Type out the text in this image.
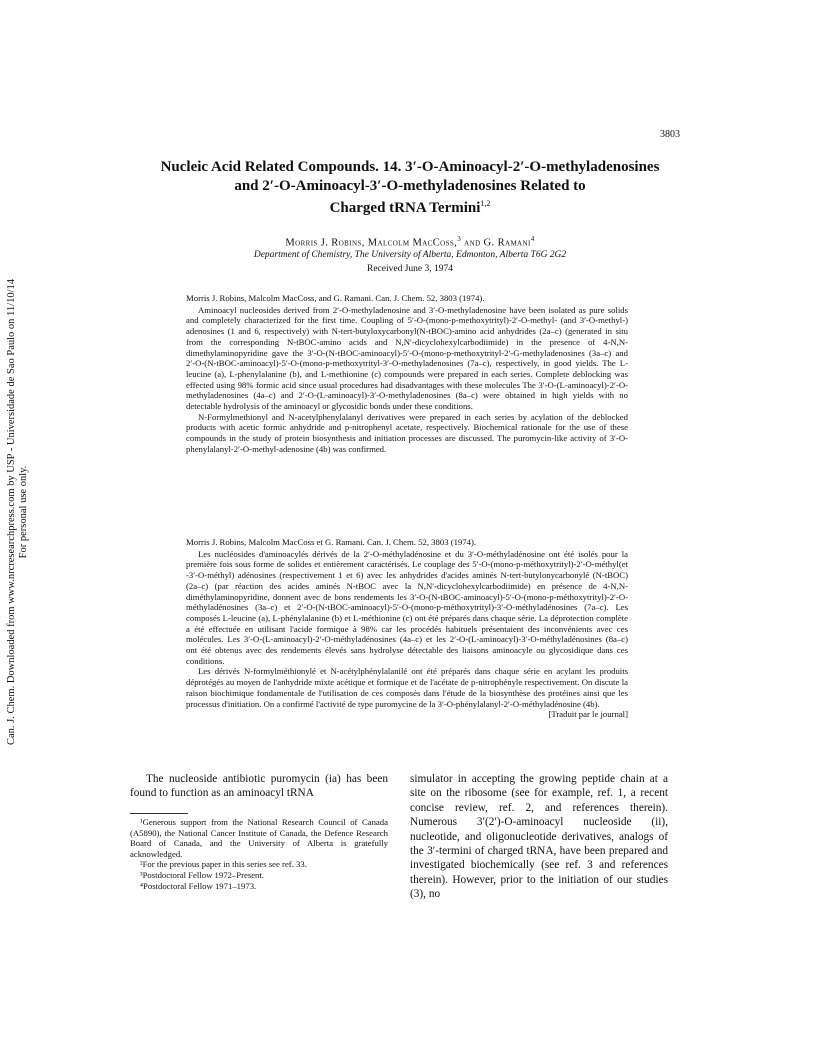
3803
Can. J. Chem. Downloaded from www.nrcresearchpress.com by USP - Universidade de Sao Paulo on 11/10/14 For personal use only.
Nucleic Acid Related Compounds. 14. 3′-O-Aminoacyl-2′-O-methyladenosines
and 2′-O-Aminoacyl-3′-O-methyladenosines Related to
Charged tRNA Termini$^{1,2}$
Morris J. Robins, Malcolm MacCoss,$^3$ and G. Ramani$^4$
Department of Chemistry, The University of Alberta, Edmonton, Alberta T6G 2G2
Received June 3, 1974

Morris J. Robins, Malcolm MacCoss, and G. Ramani. Can. J. Chem. 52, 3803 (1974).

Aminoacyl nucleosides derived from 2′-O-methyladenosine and 3′-O-methyladenosine have been isolated as pure solids and completely characterized for the first time. Coupling of 5′-O-(mono-p-methoxytrityl)-2′-O-methyl- (and 3′-O-methyl-) adenosines (1 and 6, respectively) with N-tert-butyloxycarbonyl(N-tBOC)-amino acid anhydrides (2a–c) (generated in situ from the corresponding N-tBOC-amino acids and N,N′-dicyclohexylcarbodiimide) in the presence of 4-N,N-dimethylaminopyridine gave the 3′-O-(N-tBOC-aminoacyl)-5′-O-(mono-p-methoxytrityl-2′-G-methyladenosines (3a–c) and 2′-O-(N-tBOC-aminoacyl)-5′-O-(mono-p-methoxytrityl-3′-O-methyladenosines (7a–c), respectively, in good yields. The L-leucine (a), L-phenylalanine (b), and L-methionine (c) compounds were prepared in each series. Complete deblocking was effected using 98% formic acid since usual procedures had disadvantages with these molecules The 3′-O-(L-aminoacyl)-2′-O-methyladenosines (4a–c) and 2′-O-(L-aminoacyl)-3′-O-methyladenosines (8a–c) were obtained in high yields with no detectable hydrolysis of the aminoacyl or glycosidic bonds under these conditions.

N-Formylmethionyl and N-acetylphenylalanyl derivatives were prepared in each series by acylation of the deblocked products with acetic formic anhydride and p-nitrophenyl acetate, respectively. Biochemical rationale for the use of these compounds in the study of protein biosynthesis and initiation processes are discussed. The puromycin-like activity of 3′-O-phenylalanyl-2′-O-methyl-adenosine (4b) was confirmed.

Morris J. Robins, Malcolm MacCoss et G. Ramani. Can. J. Chem. 52, 3803 (1974).

Les nucléosides d'aminoacylés dérivés de la 2′-O-méthyladénosine et du 3′-O-méthyladénosine ont été isolés pour la première fois sous forme de solides et entièrement caractérisés. Le couplage des 5′-O-(mono-p-méthoxytrityl)-2′-O-méthyl(et -3′-O-méthyl) adénosines (respectivement 1 et 6) avec les anhydrides d'acides aminés N-tert-butylonycarbonylé (N-tBOC) (2a–c) (par réaction des acides aminés N-tBOC avec la N,N′-dicyclohexylcarbodiimide) en présence de 4-N,N-diméthylaminopyridine, donnent avec de bons rendements les 3′-O-(N-tBOC-aminoacyl)-5′-O-(mono-p-méthoxytrityl)-2′-O-méthyladénosines (3a–c) et 2′-O-(N-tBOC-aminoacyl)-5′-O-(mono-p-méthoxytrityl)-3′-O-méthyladénosines (7a–c). Les composés L-leucine (a), L-phénylalanine (b) et L-méthionine (c) ont été préparés dans chaque série. La déprotection complète a été effectuée en utilisant l'acide formique à 98% car les procédés habituels présentaient des inconvénients avec ces molécules. Les 3′-O-(L-aminoacyl)-2′-O-méthyladénosines (4a–c) et les 2′-O-(L-aminoacyl)-3′-O-méthyladénosines (8a–c) ont été obtenus avec des rendements élevés sans hydrolyse détectable des liaisons aminoacyle ou glycosidique dans ces conditions.

Les dérivés N-formylméthionylé et N-acétylphénylalanilé ont été préparés dans chaque série en acylant les produits déprotégés au moyen de l'anhydride mixte acétique et formique et de l'acétate de p-nitrophényle respectivement. On discute la raison biochimique fondamentale de l'utilisation de ces composés dans l'étude de la biosynthèse des protéines ainsi que les processus d'initiation. On a confirmé l'activité de type puromycine de la 3′-O-phénylalanyl-2′-O-méthyladénosine (4b).

[Traduit par le journal]

The nucleoside antibiotic puromycin (ia) has been found to function as an aminoacyl tRNA

¹Generous support from the National Research Council of Canada (A5890), the National Cancer Institute of Canada, the Defence Research Board of Canada, and the University of Alberta is gratefully acknowledged.

²For the previous paper in this series see ref. 33.

³Postdoctoral Fellow 1972–Present.

⁴Postdoctoral Fellow 1971–1973.

simulator in accepting the growing peptide chain at a site on the ribosome (see for example, ref. 1, a recent concise review, ref. 2, and references therein). Numerous 3′(2′)-O-aminoacyl nucleoside (ii), nucleotide, and oligonucleotide derivatives, analogs of the 3′-termini of charged tRNA, have been prepared and investigated biochemically (see ref. 3 and references therein). However, prior to the initiation of our studies (3), no
